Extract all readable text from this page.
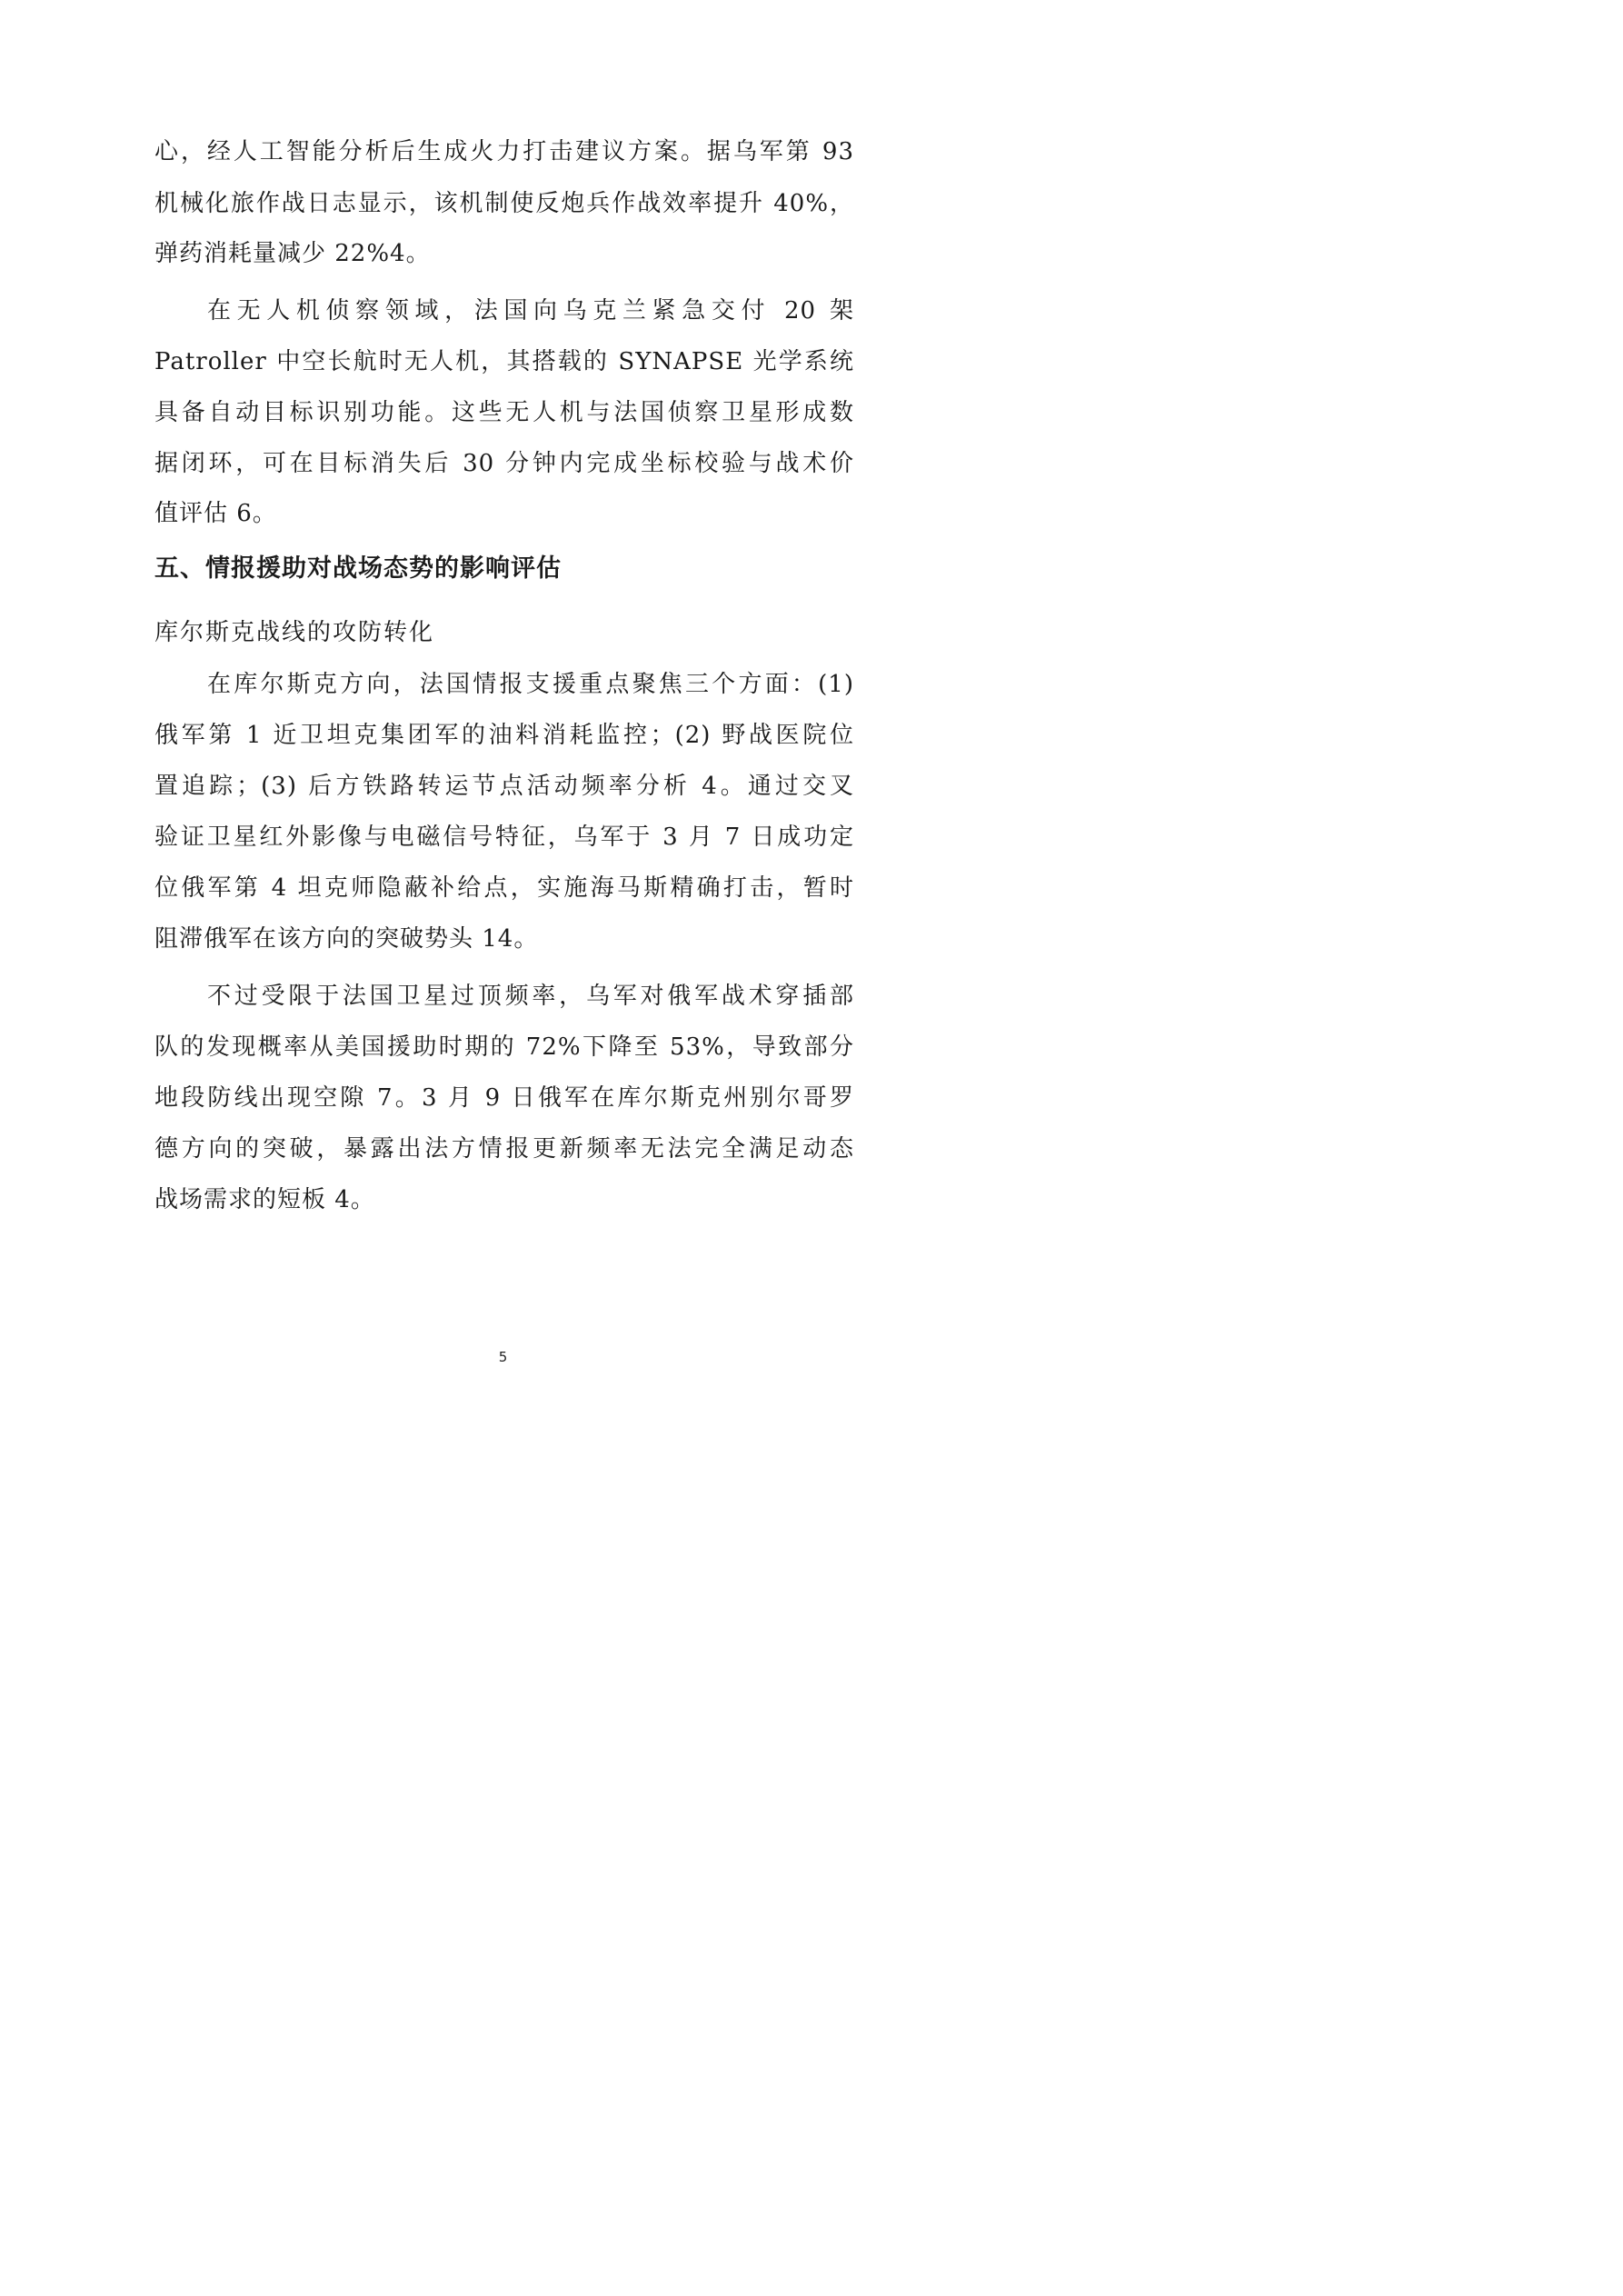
心，经人工智能分析后生成火力打击建议方案。据乌军第 93
机械化旅作战日志显示，该机制使反炮兵作战效率提升 40%，
弹药消耗量减少 22%4。
在无人机侦察领域，法国向乌克兰紧急交付 20 架
Patroller 中空长航时无人机，其搭载的 SYNAPSE 光学系统
具备自动目标识别功能。这些无人机与法国侦察卫星形成数
据闭环，可在目标消失后 30 分钟内完成坐标校验与战术价
值评估 6。
五、情报援助对战场态势的影响评估
库尔斯克战线的攻防转化
在库尔斯克方向，法国情报支援重点聚焦三个方面：(1)
俄军第 1 近卫坦克集团军的油料消耗监控；(2) 野战医院位
置追踪；(3) 后方铁路转运节点活动频率分析 4。通过交叉
验证卫星红外影像与电磁信号特征，乌军于 3 月 7 日成功定
位俄军第 4 坦克师隐蔽补给点，实施海马斯精确打击，暂时
阻滞俄军在该方向的突破势头 14。
不过受限于法国卫星过顶频率，乌军对俄军战术穿插部
队的发现概率从美国援助时期的 72%下降至 53%，导致部分
地段防线出现空隙 7。3 月 9 日俄军在库尔斯克州别尔哥罗
德方向的突破，暴露出法方情报更新频率无法完全满足动态
战场需求的短板 4。
5
